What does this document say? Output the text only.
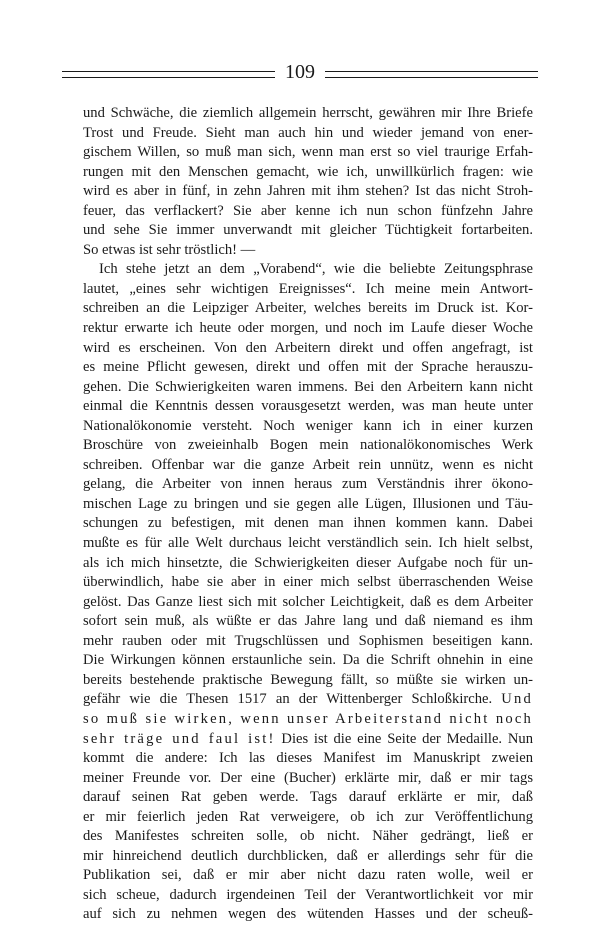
109
und Schwäche, die ziemlich allgemein herrscht, gewähren mir Ihre Briefe
Trost und Freude. Sieht man auch hin und wieder jemand von ener-
gischem Willen, so muß man sich, wenn man erst so viel traurige Erfah-
rungen mit den Menschen gemacht, wie ich, unwillkürlich fragen: wie
wird es aber in fünf, in zehn Jahren mit ihm stehen? Ist das nicht Stroh-
feuer, das verflackert? Sie aber kenne ich nun schon fünfzehn Jahre
und sehe Sie immer unverwandt mit gleicher Tüchtigkeit fortarbeiten.
So etwas ist sehr tröstlich! —
Ich stehe jetzt an dem „Vorabend“, wie die beliebte Zeitungsphrase
lautet, „eines sehr wichtigen Ereignisses“. Ich meine mein Antwort-
schreiben an die Leipziger Arbeiter, welches bereits im Druck ist. Kor-
rektur erwarte ich heute oder morgen, und noch im Laufe dieser Woche
wird es erscheinen. Von den Arbeitern direkt und offen angefragt, ist
es meine Pflicht gewesen, direkt und offen mit der Sprache herauszu-
gehen. Die Schwierigkeiten waren immens. Bei den Arbeitern kann nicht
einmal die Kenntnis dessen vorausgesetzt werden, was man heute unter
Nationalökonomie versteht. Noch weniger kann ich in einer kurzen
Broschüre von zweieinhalb Bogen mein nationalökonomisches Werk
schreiben. Offenbar war die ganze Arbeit rein unnütz, wenn es nicht
gelang, die Arbeiter von innen heraus zum Verständnis ihrer ökono-
mischen Lage zu bringen und sie gegen alle Lügen, Illusionen und Täu-
schungen zu befestigen, mit denen man ihnen kommen kann. Dabei
mußte es für alle Welt durchaus leicht verständlich sein. Ich hielt selbst,
als ich mich hinsetzte, die Schwierigkeiten dieser Aufgabe noch für un-
überwindlich, habe sie aber in einer mich selbst überraschenden Weise
gelöst. Das Ganze liest sich mit solcher Leichtigkeit, daß es dem Arbeiter
sofort sein muß, als wüßte er das Jahre lang und daß niemand es ihm
mehr rauben oder mit Trugschlüssen und Sophismen beseitigen kann.
Die Wirkungen können erstaunliche sein. Da die Schrift ohnehin in eine
bereits bestehende praktische Bewegung fällt, so müßte sie wirken un-
gefähr wie die Thesen 1517 an der Wittenberger Schloßkirche. Und
so muß sie wirken, wenn unser Arbeiterstand nicht noch
sehr träge und faul ist! Dies ist die eine Seite der Medaille. Nun
kommt die andere: Ich las dieses Manifest im Manuskript zweien
meiner Freunde vor. Der eine (Bucher) erklärte mir, daß er mir tags
darauf seinen Rat geben werde. Tags darauf erklärte er mir, daß
er mir feierlich jeden Rat verweigere, ob ich zur Veröffentlichung
des Manifestes schreiten solle, ob nicht. Näher gedrängt, ließ er
mir hinreichend deutlich durchblicken, daß er allerdings sehr für die
Publikation sei, daß er mir aber nicht dazu raten wolle, weil er
sich scheue, dadurch irgendeinen Teil der Verantwortlichkeit vor mir
auf sich zu nehmen wegen des wütenden Hasses und der scheuß-
